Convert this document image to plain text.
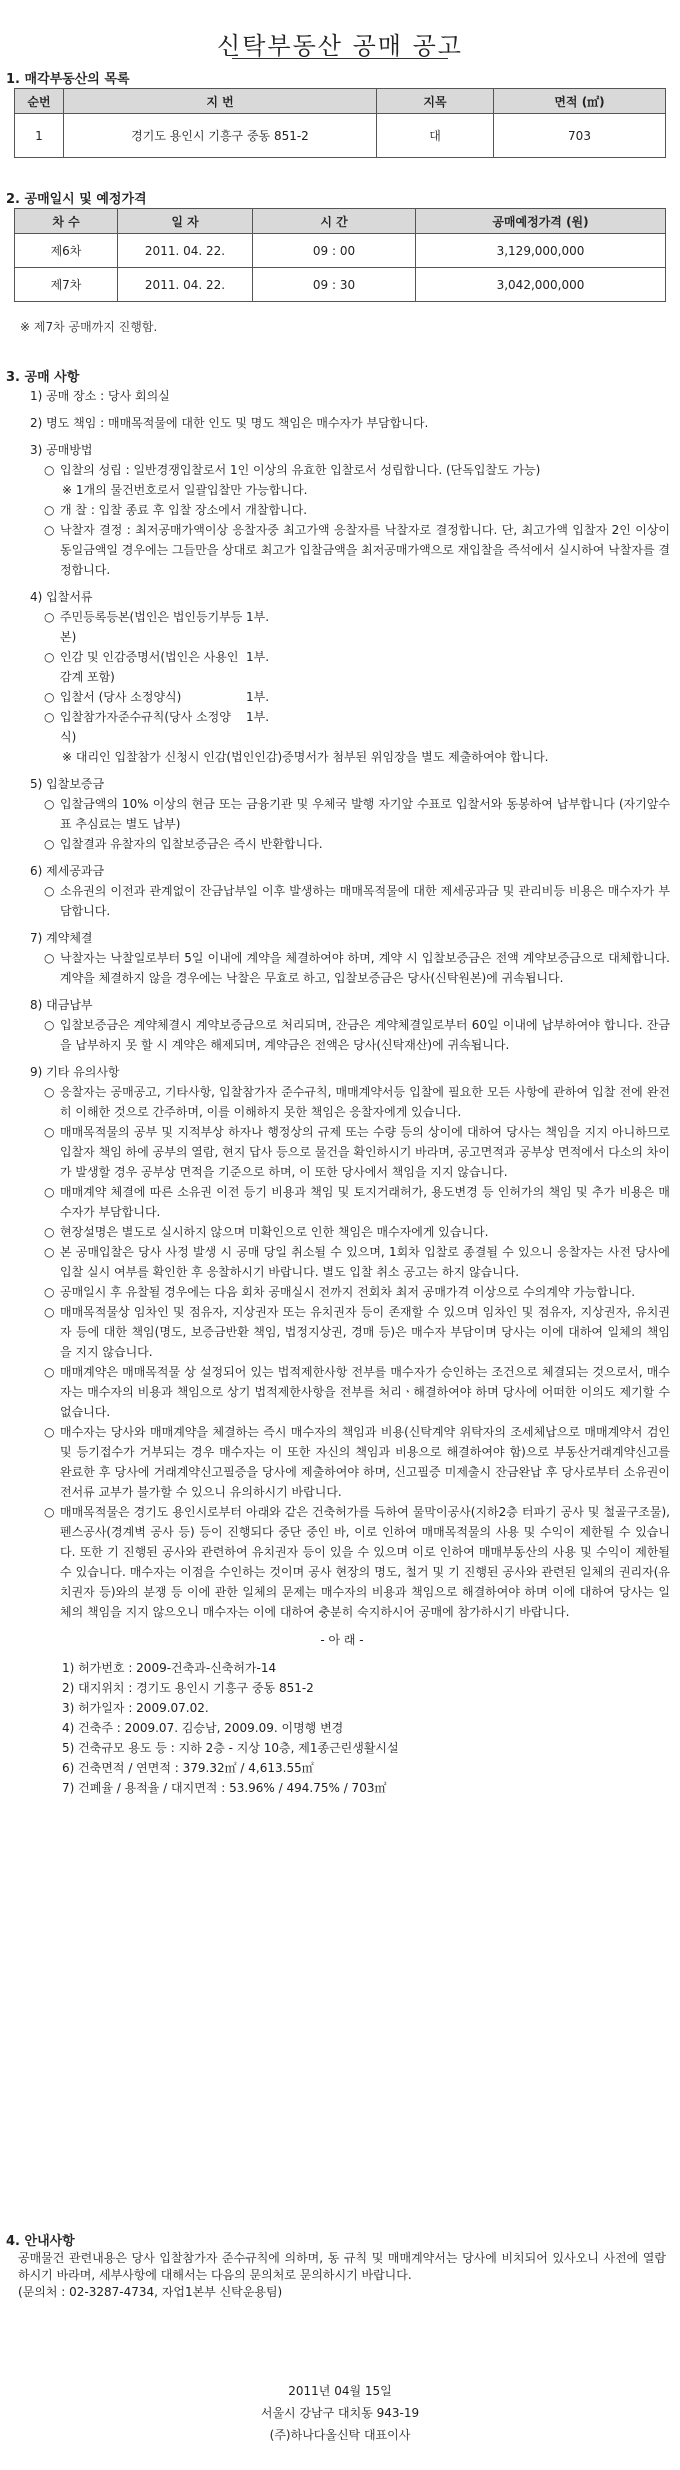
신탁부동산 공매 공고
1. 매각부동산의 목록
순번	지 번	지목	면적 (㎡)
1	경기도 용인시 기흥구 중동 851-2	대	703
2. 공매일시 및 예정가격
차 수	일 자	시 간	공매예정가격 (원)
제6차	2011. 04. 22.	09 : 00	3,129,000,000
제7차	2011. 04. 22.	09 : 30	3,042,000,000
※ 제7차 공매까지 진행함.
3. 공매 사항

1) 공매 장소 : 당사 회의실

2) 명도 책임 : 매매목적물에 대한 인도 및 명도 책임은 매수자가 부담합니다.

3) 공매방법

○ 입찰의 성립 : 일반경쟁입찰로서 1인 이상의 유효한 입찰로서 성립합니다. (단독입찰도 가능)

※ 1개의 물건번호로서 일괄입찰만 가능합니다.

○ 개 찰 : 입찰 종료 후 입찰 장소에서 개찰합니다.
○ 낙찰자 결정 : 최저공매가액이상 응찰자중 최고가액 응찰자를 낙찰자로 결정합니다. 단, 최고가액 입찰자 2인 이상이 동일금액일 경우에는 그들만을 상대로 최고가 입찰금액을 최저공매가액으로 재입찰을 즉석에서 실시하여 낙찰자를 결정합니다.

4) 입찰서류

○ 주민등록등본(법인은 법인등기부등본)
1부.
○ 인감 및 인감증명서(법인은 사용인감계 포함)
1부.
○ 입찰서 (당사 소정양식)	1부.
○ 입찰참가자준수규칙(당사 소정양식)
1부.

※ 대리인 입찰참가 신청시 인감(법인인감)증명서가 첨부된 위임장을 별도 제출하여야 합니다.

5) 입찰보증금

○ 입찰금액의 10% 이상의 현금 또는 금융기관 및 우체국 발행 자기앞 수표로 입찰서와 동봉하여 납부합니다 (자기앞수표 추심료는 별도 납부)
○ 입찰결과 유찰자의 입찰보증금은 즉시 반환합니다.

6) 제세공과금

○ 소유권의 이전과 관계없이 잔금납부일 이후 발생하는 매매목적물에 대한 제세공과금 및 관리비등 비용은 매수자가 부담합니다.

7) 계약체결

○ 낙찰자는 낙찰일로부터 5일 이내에 계약을 체결하여야 하며, 계약 시 입찰보증금은 전액 계약보증금으로 대체합니다. 계약을 체결하지 않을 경우에는 낙찰은 무효로 하고, 입찰보증금은 당사(신탁원본)에 귀속됩니다.

8) 대금납부

○ 입찰보증금은 계약체결시 계약보증금으로 처리되며, 잔금은 계약체결일로부터 60일 이내에 납부하여야 합니다. 잔금을 납부하지 못 할 시 계약은 해제되며, 계약금은 전액은 당사(신탁재산)에 귀속됩니다.

9) 기타 유의사항

○ 응찰자는 공매공고, 기타사항, 입찰참가자 준수규칙, 매매계약서등 입찰에 필요한 모든 사항에 관하여 입찰 전에 완전히 이해한 것으로 간주하며, 이를 이해하지 못한 책임은 응찰자에게 있습니다.
○ 매매목적물의 공부 및 지적부상 하자나 행정상의 규제 또는 수량 등의 상이에 대하여 당사는 책임을 지지 아니하므로 입찰자 책임 하에 공부의 열람, 현지 답사 등으로 물건을 확인하시기 바라며, 공고면적과 공부상 면적에서 다소의 차이가 발생할 경우 공부상 면적을 기준으로 하며, 이 또한 당사에서 책임을 지지 않습니다.
○ 매매계약 체결에 따른 소유권 이전 등기 비용과 책임 및 토지거래허가, 용도변경 등 인허가의 책임 및 추가 비용은 매수자가 부담합니다.
○ 현장설명은 별도로 실시하지 않으며 미확인으로 인한 책임은 매수자에게 있습니다.
○ 본 공매입찰은 당사 사정 발생 시 공매 당일 취소될 수 있으며, 1회차 입찰로 종결될 수 있으니 응찰자는 사전 당사에 입찰 실시 여부를 확인한 후 응찰하시기 바랍니다. 별도 입찰 취소 공고는 하지 않습니다.
○ 공매일시 후 유찰될 경우에는 다음 회차 공매실시 전까지 전회차 최저 공매가격 이상으로 수의계약 가능합니다.
○ 매매목적물상 임차인 및 점유자, 지상권자 또는 유치권자 등이 존재할 수 있으며 임차인 및 점유자, 지상권자, 유치권자 등에 대한 책임(명도, 보증금반환 책임, 법정지상권, 경매 등)은 매수자 부담이며 당사는 이에 대하여 일체의 책임을 지지 않습니다.
○ 매매계약은 매매목적물 상 설정되어 있는 법적제한사항 전부를 매수자가 승인하는 조건으로 체결되는 것으로서, 매수자는 매수자의 비용과 책임으로 상기 법적제한사항을 전부를 처리ㆍ해결하여야 하며 당사에 어떠한 이의도 제기할 수 없습니다.
○ 매수자는 당사와 매매계약을 체결하는 즉시 매수자의 책임과 비용(신탁계약 위탁자의 조세체납으로 매매계약서 검인 및 등기접수가 거부되는 경우 매수자는 이 또한 자신의 책임과 비용으로 해결하여야 함)으로 부동산거래계약신고를 완료한 후 당사에 거래계약신고필증을 당사에 제출하여야 하며, 신고필증 미제출시 잔금완납 후 당사로부터 소유권이전서류 교부가 불가할 수 있으니 유의하시기 바랍니다.
○ 매매목적물은 경기도 용인시로부터 아래와 같은 건축허가를 득하여 물막이공사(지하2층 터파기 공사 및 철골구조물), 펜스공사(경계벽 공사 등) 등이 진행되다 중단 중인 바, 이로 인하여 매매목적물의 사용 및 수익이 제한될 수 있습니다. 또한 기 진행된 공사와 관련하여 유치권자 등이 있을 수 있으며 이로 인하여 매매부동산의 사용 및 수익이 제한될 수 있습니다. 매수자는 이점을 수인하는 것이며 공사 현장의 명도, 철거 및 기 진행된 공사와 관련된 일체의 권리자(유치권자 등)와의 분쟁 등 이에 관한 일체의 문제는 매수자의 비용과 책임으로 해결하여야 하며 이에 대하여 당사는 일체의 책임을 지지 않으오니 매수자는 이에 대하여 충분히 숙지하시어 공매에 참가하시기 바랍니다.

- 아 래 -

1) 허가번호 : 2009-건축과-신축허가-14

2) 대지위치 : 경기도 용인시 기흥구 중동 851-2

3) 허가일자 : 2009.07.02.

4) 건축주 : 2009.07. 김승남, 2009.09. 이명행 변경

5) 건축규모 용도 등 : 지하 2층 - 지상 10층, 제1종근린생활시설

6) 건축면적 / 연면적 : 379.32㎡ / 4,613.55㎡

7) 건폐율 / 용적율 / 대지면적 : 53.96% / 494.75% / 703㎡

4. 안내사항

공매물건 관련내용은 당사 입찰참가자 준수규칙에 의하며, 동 규칙 및 매매계약서는 당사에 비치되어 있사오니 사전에 열람하시기 바라며, 세부사항에 대해서는 다음의 문의처로 문의하시기 바랍니다.

(문의처 : 02-3287-4734, 자업1본부 신탁운용팀)

2011년 04월 15일

서울시 강남구 대치동 943-19

(주)하나다올신탁 대표이사
